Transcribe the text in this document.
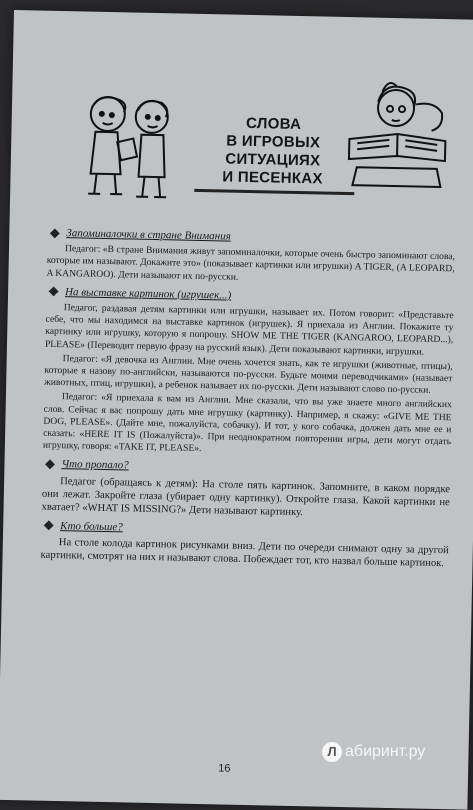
СЛОВА
В ИГРОВЫХ
СИТУАЦИЯХ
И ПЕСЕНКАХ
Запоминалочки в стране Внимания

Педагог: «В стране Внимания живут запоминалочки, которые очень быстро запоминают слова, которые им называют. Докажите это» (показывает картинки или игрушки) A TIGER, (A LEOPARD, A KANGAROO). Дети называют их по-русски.

На выставке картинок (игрушек...)

Педагог, раздавая детям картинки или игрушки, называет их. Потом говорит: «Представьте себе, что мы находимся на выставке картинок (игрушек). Я приехала из Англии. Покажите ту картинку или игрушку, которую я попрошу. SHOW ME THE TIGER (KANGAROO, LEOPARD...), PLEASE» (Переводит первую фразу на русский язык). Дети показывают картинки, игрушки.

Педагог: «Я девочка из Англии. Мне очень хочется знать, как те игрушки (животные, птицы), которые я назову по-английски, называются по-русски. Будьте моими переводчиками» (называет животных, птиц, игрушки), а ребенок называет их по-русски. Дети называют слово по-русски.

Педагог: «Я приехала к вам из Англии. Мне сказали, что вы уже знаете много английских слов. Сейчас я вас попрошу дать мне игрушку (картинку). Например, я скажу: «GIVE ME THE DOG, PLEASE». (Дайте мне, пожалуйста, собачку). И тот, у кого собачка, должен дать мне ее и сказать: «HERE IT IS (Пожалуйста)». При неоднократном повторении игры, дети могут отдать игрушку, говоря: «TAKE IT, PLEASE».

Что пропало?

Педагог (обращаясь к детям): На столе пять картинок. Запомните, в каком порядке они лежат. Закройте глаза (убирает одну картинку). Откройте глаза. Какой картинки не хватает? «WHAT IS MISSING?» Дети называют картинку.

Кто больше?

На столе колода картинок рисунками вниз. Дети по очереди снимают одну за другой картинки, смотрят на них и называют слова. Побеждает тот, кто назвал больше картинок.

16
Л абиринт.ру
